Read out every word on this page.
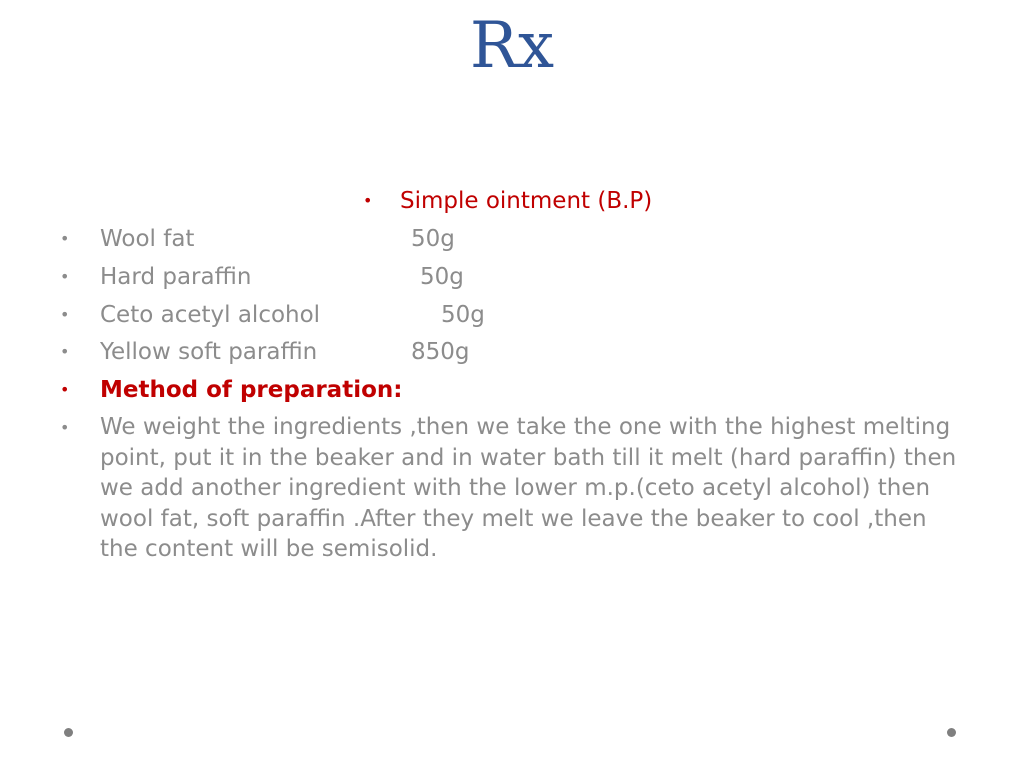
Rx
• Simple ointment (B.P)
• Wool fat	50g
• Hard paraffin	50g
• Ceto acetyl alcohol	50g
• Yellow soft paraffin	850g
• Method of preparation:
• We weight the ingredients ,then we take the one with the highest melting point, put it in the beaker and in water bath till it melt (hard paraffin) then we add another ingredient with the lower m.p.(ceto acetyl alcohol) then wool fat, soft paraffin .After they melt we leave the beaker to cool ,then the content will be semisolid.
